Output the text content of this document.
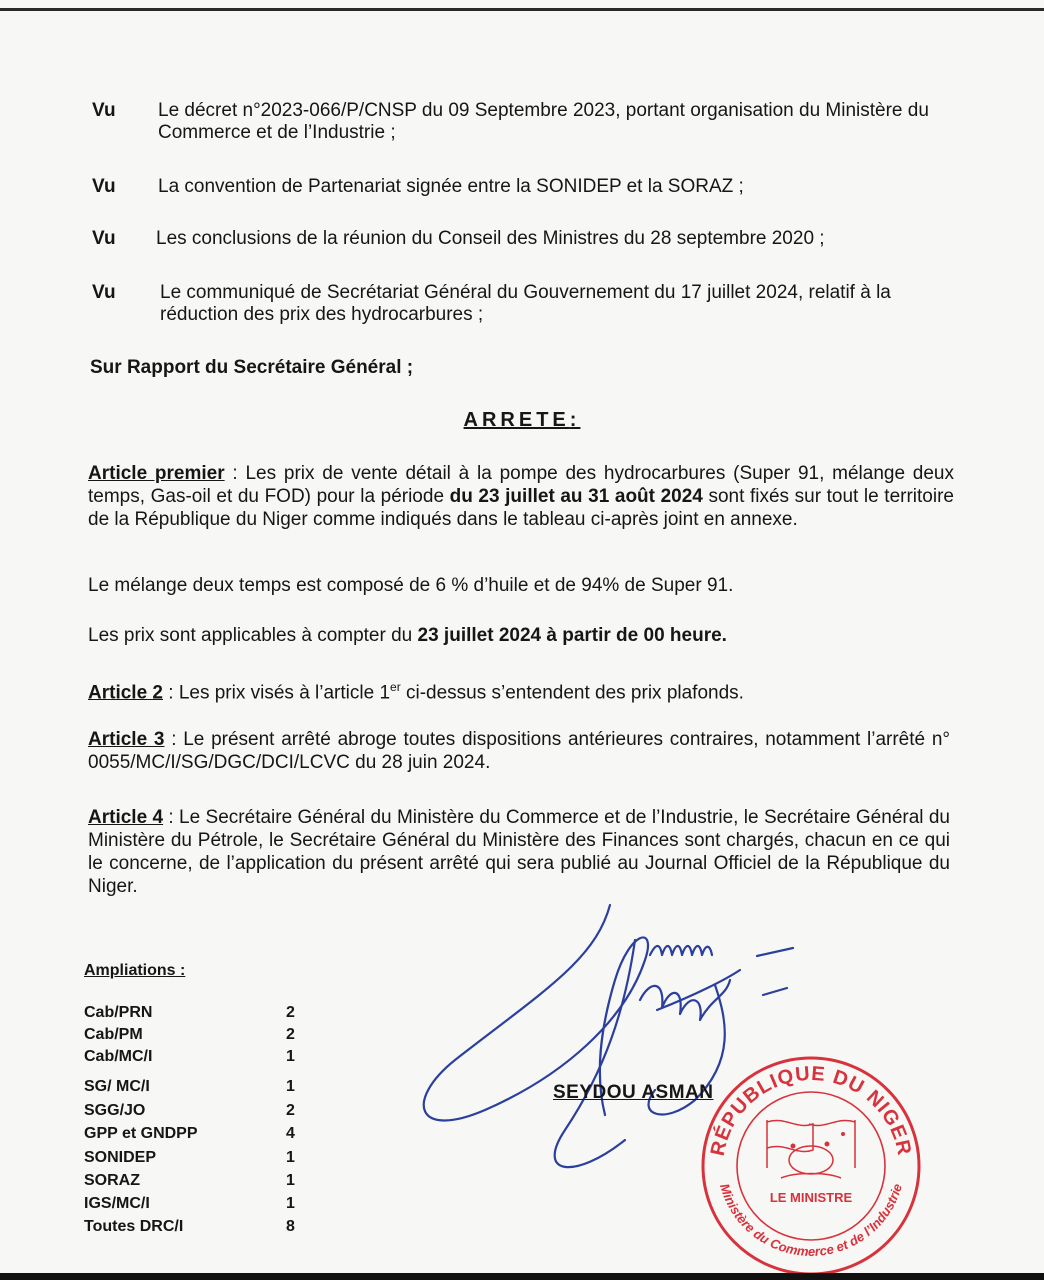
Vu Le décret n°2023-066/P/CNSP du 09 Septembre 2023, portant organisation du Ministère du Commerce et de l’Industrie ;
Vu La convention de Partenariat signée entre la SONIDEP et la SORAZ ;
Vu Les conclusions de la réunion du Conseil des Ministres du 28 septembre 2020 ;
Vu Le communiqué de Secrétariat Général du Gouvernement du 17 juillet 2024, relatif à la réduction des prix des hydrocarbures ;
Sur Rapport du Secrétaire Général ;
ARRETE:
Article premier : Les prix de vente détail à la pompe des hydrocarbures (Super 91, mélange deux temps, Gas-oil et du FOD) pour la période du 23 juillet au 31 août 2024 sont fixés sur tout le territoire de la République du Niger comme indiqués dans le tableau ci-après joint en annexe.
Le mélange deux temps est composé de 6 % d’huile et de 94% de Super 91.
Les prix sont applicables à compter du 23 juillet 2024 à partir de 00 heure.
Article 2 : Les prix visés à l’article 1er ci-dessus s’entendent des prix plafonds.
Article 3 : Le présent arrêté abroge toutes dispositions antérieures contraires, notamment l’arrêté n° 0055/MC/I/SG/DGC/DCI/LCVC du 28 juin 2024.
Article 4 : Le Secrétaire Général du Ministère du Commerce et de l’Industrie, le Secrétaire Général du Ministère du Pétrole, le Secrétaire Général du Ministère des Finances sont chargés, chacun en ce qui le concerne, de l’application du présent arrêté qui sera publié au Journal Officiel de la République du Niger.
Ampliations :
Cab/PRN	2
Cab/PM	2
Cab/MC/I	1
SG/ MC/I	1
SGG/JO	2
GPP et GNDPP	4
SONIDEP	1
SORAZ	1
IGS/MC/I	1
Toutes DRC/I	8
SEYDOU ASMAN
RÉPUBLIQUE DU NIGER
Ministère du Commerce et de l’Industrie
LE MINISTRE
